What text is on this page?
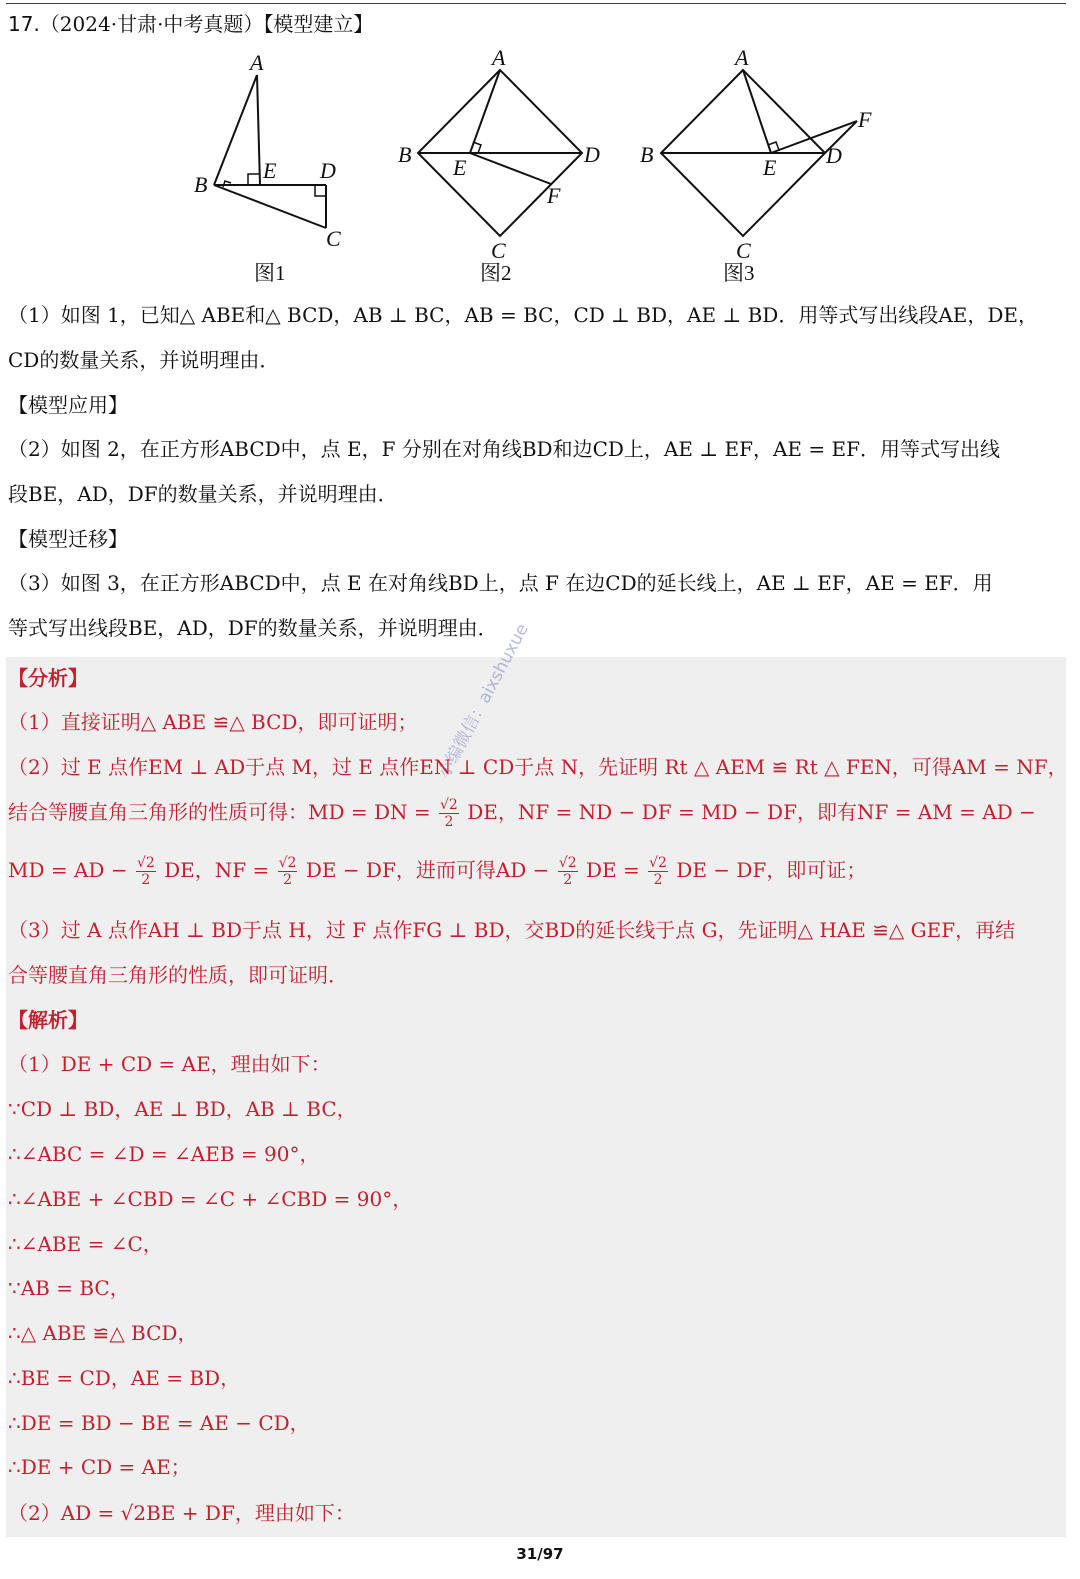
17.（2024·甘肃·中考真题）【模型建立】
A
B
E D
C
图1
A
B
E
D
F
C
图2
A
B
E D
F
C
图3
（1）如图 1，已知△ ABE和△ BCD，AB ⊥ BC，AB = BC，CD ⊥ BD，AE ⊥ BD．用等式写出线段AE，DE，
CD的数量关系，并说明理由．
【模型应用】
（2）如图 2，在正方形ABCD中，点 E，F 分别在对角线BD和边CD上，AE ⊥ EF，AE = EF．用等式写出线
段BE，AD，DF的数量关系，并说明理由．
【模型迁移】
（3）如图 3，在正方形ABCD中，点 E 在对角线BD上，点 F 在边CD的延长线上，AE ⊥ EF，AE = EF．用
等式写出线段BE，AD，DF的数量关系，并说明理由．
【分析】
（1）直接证明△ ABE ≌△ BCD，即可证明；
（2）过 E 点作EM ⊥ AD于点 M，过 E 点作EN ⊥ CD于点 N，先证明 Rt △ AEM ≌ Rt △ FEN，可得AM = NF，
结合等腰直角三角形的性质可得：MD = DN = $\frac{√2}{2}$ DE，NF = ND − DF = MD − DF，即有NF = AM = AD −
MD = AD − $\frac{√2}{2}$ DE，NF = $\frac{√2}{2}$ DE − DF，进而可得AD − $\frac{√2}{2}$ DE = $\frac{√2}{2}$ DE − DF，即可证；
（3）过 A 点作AH ⊥ BD于点 H，过 F 点作FG ⊥ BD，交BD的延长线于点 G，先证明△ HAE ≌△ GEF，再结
合等腰直角三角形的性质，即可证明．
【解析】
（1）DE + CD = AE，理由如下：
∵CD ⊥ BD，AE ⊥ BD，AB ⊥ BC，
∴∠ABC = ∠D = ∠AEB = 90°，
∴∠ABE + ∠CBD = ∠C + ∠CBD = 90°，
∴∠ABE = ∠C，
∵AB = BC，
∴△ ABE ≌△ BCD，
∴BE = CD，AE = BD，
∴DE = BD − BE = AE − CD，
∴DE + CD = AE；
（2）AD = √2BE + DF，理由如下：
小编微信：aixshuxue
31/97
